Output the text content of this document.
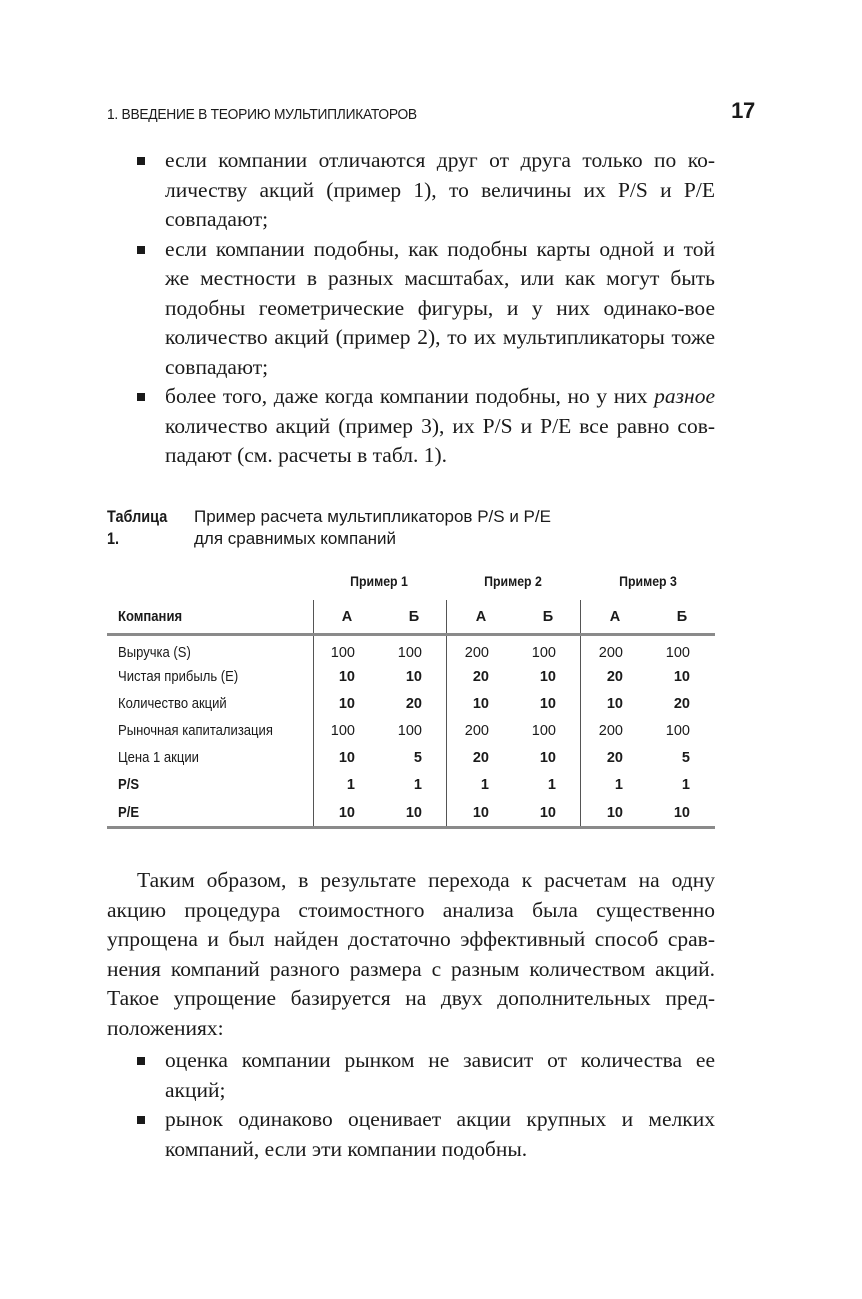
1. ВВЕДЕНИЕ В ТЕОРИЮ МУЛЬТИПЛИКАТОРОВ	17
если компании отличаются друг от друга только по ко-личеству акций (пример 1), то величины их P/S и P/E совпадают;
если компании подобны, как подобны карты одной и той же местности в разных масштабах, или как могут быть подобны геометрические фигуры, и у них одинако-вое количество акций (пример 2), то их мультипликаторы тоже совпадают;
более того, даже когда компании подобны, но у них разное количество акций (пример 3), их P/S и P/E все равно сов-падают (см. расчеты в табл. 1).
Таблица 1.
Пример расчета мультипликаторов P/S и P/E
для сравнимых компаний
Пример 1	Пример 2	Пример 3
Компания	А	Б	А	Б	А	Б
Выручка (S)	100	100	200	100	200	100
Чистая прибыль (E)	10	10	20	10	20	10
Количество акций	10	20	10	10	10	20
Рыночная капитализация	100	100	200	100	200	100
Цена 1 акции	10	5	20	10	20	5
P/S	1	1	1	1	1	1
P/E	10	10	10	10	10	10
Таким образом, в результате перехода к расчетам на одну акцию процедура стоимостного анализа была существенно упрощена и был найден достаточно эффективный способ срав-нения компаний разного размера с разным количеством акций. Такое упрощение базируется на двух дополнительных пред-положениях:
оценка компании рынком не зависит от количества ее акций;
рынок одинаково оценивает акции крупных и мелких компаний, если эти компании подобны.
